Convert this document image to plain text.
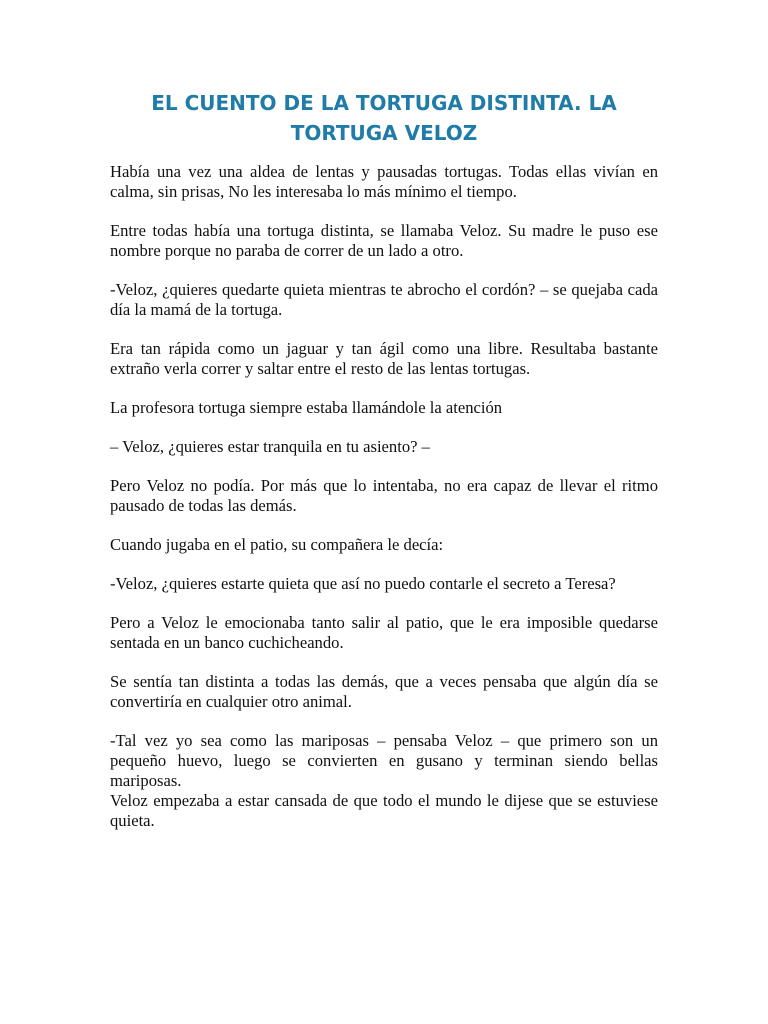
EL CUENTO DE LA TORTUGA DISTINTA. LA TORTUGA VELOZ

Había una vez una aldea de lentas y pausadas tortugas. Todas ellas vivían en calma, sin prisas, No les interesaba lo más mínimo el tiempo.

Entre todas había una tortuga distinta, se llamaba Veloz. Su madre le puso ese nombre porque no paraba de correr de un lado a otro.

-Veloz, ¿quieres quedarte quieta mientras te abrocho el cordón? – se quejaba cada día la mamá de la tortuga.

Era tan rápida como un jaguar y tan ágil como una libre. Resultaba bastante extraño verla correr y saltar entre el resto de las lentas tortugas.

La profesora tortuga siempre estaba llamándole la atención

– Veloz, ¿quieres estar tranquila en tu asiento? –

Pero Veloz no podía. Por más que lo intentaba, no era capaz de llevar el ritmo pausado de todas las demás.

Cuando jugaba en el patio, su compañera le decía:

-Veloz, ¿quieres estarte quieta que así no puedo contarle el secreto a Teresa?

Pero a Veloz le emocionaba tanto salir al patio, que le era imposible quedarse sentada en un banco cuchicheando.

Se sentía tan distinta a todas las demás, que a veces pensaba que algún día se convertiría en cualquier otro animal.

-Tal vez yo sea como las mariposas – pensaba Veloz – que primero son un pequeño huevo, luego se convierten en gusano y terminan siendo bellas mariposas.

Veloz empezaba a estar cansada de que todo el mundo le dijese que se estuviese quieta.
